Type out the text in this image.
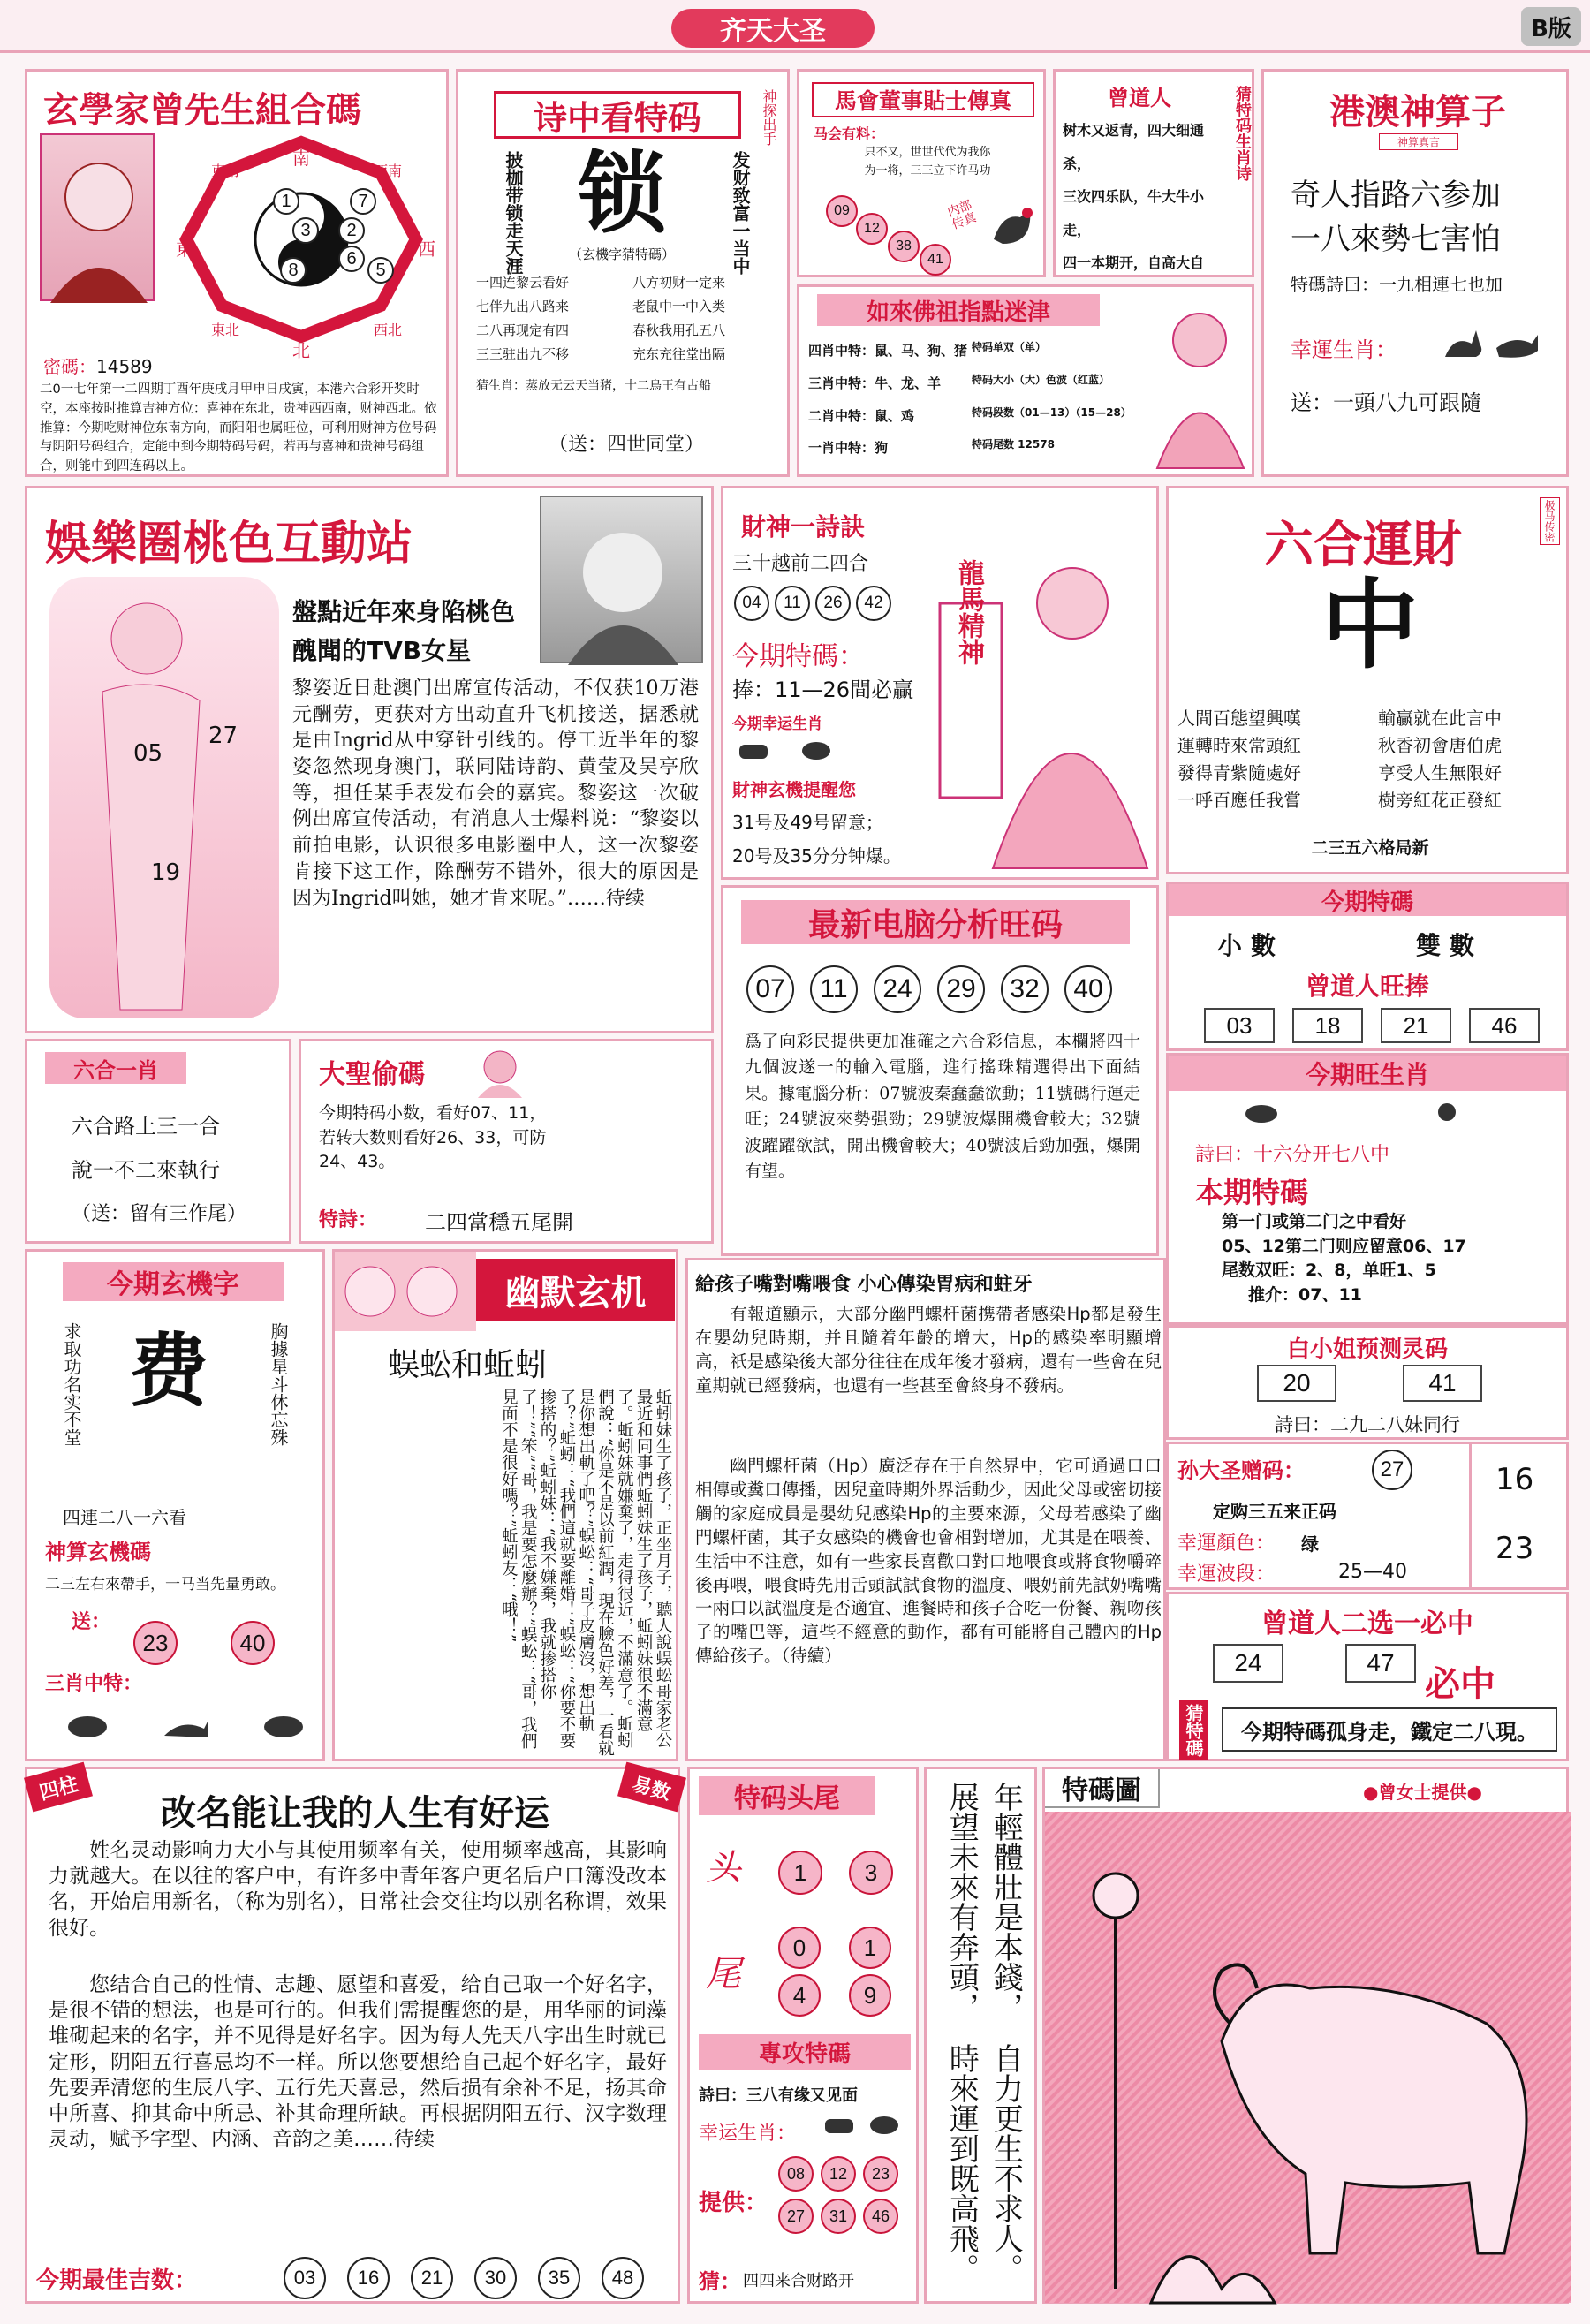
齐天大圣	B版
玄學家曾先生組合碼
1	7
3	2
6
8	5
南
北
東	西
東南	西南
東北	西北
密碼：14589
二0一七年第一二四期丁酉年庚戌月甲申日戌寅，本港六合彩开奖时空，本座按时推算吉神方位：喜神在东北，贵神西西南，财神西北。依推算：今期吃财神位东南方向，而阳阳也属旺位，可利用财神方位号码与阴阳号码组合，定能中到今期特码号码，若再与喜神和贵神号码组合，则能中到四连码以上。
诗中看特码	神探出手
披枷带锁走天涯 锁	发财致富一当中
（玄機字猜特碼）
一四连黎云看好	八方初财一定来
七伴九出八路来	老鼠中一中入类
二八再现定有四	春秋我用孔五八
三三驻出九不移	充东充往堂出隔
猜生肖：蒸放无云天当猪，十二鳥王有古船
（送：四世同堂）
馬會董事貼士傳真
马会有料：
只不又，世世代代为我你
为一将，三三立下许马功
09
12
38
41
内部传真
曾道人
树木又返青，四大细通杀，
三次四乐队，牛大牛小走，
四一本期开，自高大自
猜特码生肖诗	港澳神算子
神算真言
奇人指路六参加
一八來勢七害怕
特碼詩曰：一九相連七也加
幸運生肖：
送：一頭八九可跟隨
如來佛祖指點迷津
四肖中特：鼠、马、狗、猪 特码单双（单）
三肖中特：牛、龙、羊	特码大小（大）色波（红蓝）
二肖中特：鼠、鸡	特码段数（01—13）（15—28）
一肖中特：狗	特码尾数 12578
娛樂圈桃色互動站
05
27
19
盤點近年來身陷桃色
醜聞的TVB女星
黎姿近日赴澳门出席宣传活动，不仅获10万港元酬劳，更获对方出动直升飞机接送，据悉就是由Ingrid从中穿针引线的。停工近半年的黎姿忽然现身澳门，联同陆诗韵、黄莹及吴亭欣等，担任某手表发布会的嘉宾。黎姿这一次破例出席宣传活动，有消息人士爆料说：“黎姿以前拍电影，认识很多电影圈中人，这一次黎姿肯接下这工作，除酬劳不错外，很大的原因是因为Ingrid叫她，她才肯来呢。”……待续
財神一詩訣
三十越前二四合
04	11	26	42
今期特碼：
捧：11—26間必贏
今期幸运生肖
財神玄機提醒您
31号及49号留意；
20号及35分分钟爆。
龍馬精神
六合運財	极马传密
中
人間百態望興嘆	輸贏就在此言中
運轉時來常頭紅	秋香初會唐伯虎
發得青紫隨處好	享受人生無限好
一呼百應任我嘗	樹旁紅花正發紅
二三五六格局新
最新电脑分析旺码
07	11	24	29	32	40
爲了向彩民提供更加准確之六合彩信息，本欄將四十九個波遂一的輸入電腦，進行搖珠精選得出下面結果。據電腦分析：07號波秦蠢蠢欲動；11號碼行運走旺；24號波來勢强勁；29號波爆開機會較大；32號波躍躍欲試，開出機會較大；40號波后勁加强，爆開有望。
今期特碼
小數	雙數
曾道人旺捧
03	18	21	46
今期旺生肖
詩曰：十六分开七八中
本期特碼
第一门或第二门之中看好
05、12第二门则应留意06、17
尾数双旺：2、8，单旺1、5
推介：07、11
六合一肖
六合路上三一合
說一不二來執行
（送：留有三作尾）
大聖偷碼
今期特码小数，看好07、11，若转大数则看好26、33，可防24、43。
特詩： 二四當穩五尾開
今期玄機字
求取功名实不堂 费	胸據星斗休忘殊
四連二八一六看
神算玄機碼
二三左右來帶手，一马当先量勇敢。
送：
23	40
三肖中特：
幽默玄机
蜈蚣和蚯蚓
蚯蚓妹生了孩子，正坐月子，聽人說蜈蚣哥家老公最近和同事們蚯蚓妹生了孩子，蚯蚓妹很不滿意了。蚯蚓妹就嫌棄了，走得很近，不滿意了。蚯蚓們說：“你是不是以前紅潤，現在臉色好差，一看就是你想出軌了吧？”蜈蚣：“哥子皮膚沒，想出軌了？”蚯蚓：“我們這就要離婚！”蜈蚣：“你要不要掺搭的？”蚯蚓妹：“我不嫌棄，我就掺搭你了！”“笨”“哥，我是要怎麼辦？”蜈蚣：“哥，我們見面不是很好嗎？”蚯蚓友：“哦！”
給孩子嘴對嘴喂食 小心傳染胃病和蛀牙
有報道顯示，大部分幽門螺杆菌携帶者感染Hp都是發生在嬰幼兒時期，并且隨着年齡的增大，Hp的感染率明顯增高，祇是感染後大部分往往在成年後才發病，還有一些會在兒童期就已經發病，也還有一些甚至會終身不發病。
幽門螺杆菌（Hp）廣泛存在于自然界中，它可通過口口相傳或糞口傳播，因兒童時期外界活動少，因此父母或密切接觸的家庭成員是嬰幼兒感染Hp的主要來源，父母若感染了幽門螺杆菌，其子女感染的機會也會相對增加，尤其是在喂養、生活中不注意，如有一些家長喜歡口對口地喂食或將食物嚼碎後再喂，喂食時先用舌頭試試食物的溫度、喂奶前先試奶嘴嘴一兩口以試溫度是否適宜、進餐時和孩子合吃一份餐、親吻孩子的嘴巴等，這些不經意的動作，都有可能將自己體內的Hp傳給孩子。（待續）
白小姐预测灵码
20	41
詩曰：二九二八妹同行
孙大圣赠码：	27
定购三五来正码
幸運顏色： 绿
幸運波段：	25—40
16
23
曾道人二选一必中
24	47
必中
猜特碼	今期特碼孤身走，鐵定二八現。
四柱	易数
改名能让我的人生有好运
姓名灵动影响力大小与其使用频率有关，使用频率越高，其影响力就越大。在以往的客户中，有许多中青年客户更名后户口簿没改本名，开始启用新名，（称为别名），日常社会交往均以别名称谓，效果很好。
您结合自己的性情、志趣、愿望和喜爱，给自己取一个好名字，是很不错的想法，也是可行的。但我们需提醒您的是，用华丽的词藻堆砌起来的名字，并不见得是好名字。因为每人先天八字出生时就已定形，阴阳五行喜忌均不一样。所以您要想给自己起个好名字，最好先要弄清您的生辰八字、五行先天喜忌，然后损有余补不足，扬其命中所喜、抑其命中所忌、补其命理所缺。再根据阴阳五行、汉字数理灵动，赋予字型、内涵、音韵之美……待续
今期最佳吉数：	03	16	21	30	35	48
特码头尾
头	1	3
尾
0	1
4	9
專攻特碼
詩曰：三八有缘又见面
幸运生肖：
提供：
08	12	23
27	31	46
猜： 四四来合财路开
年輕體壯是本錢，
自力更生不求人。
展望未來有奔頭，
時來運到既高飛。
特碼圖	●曾女士提供●
